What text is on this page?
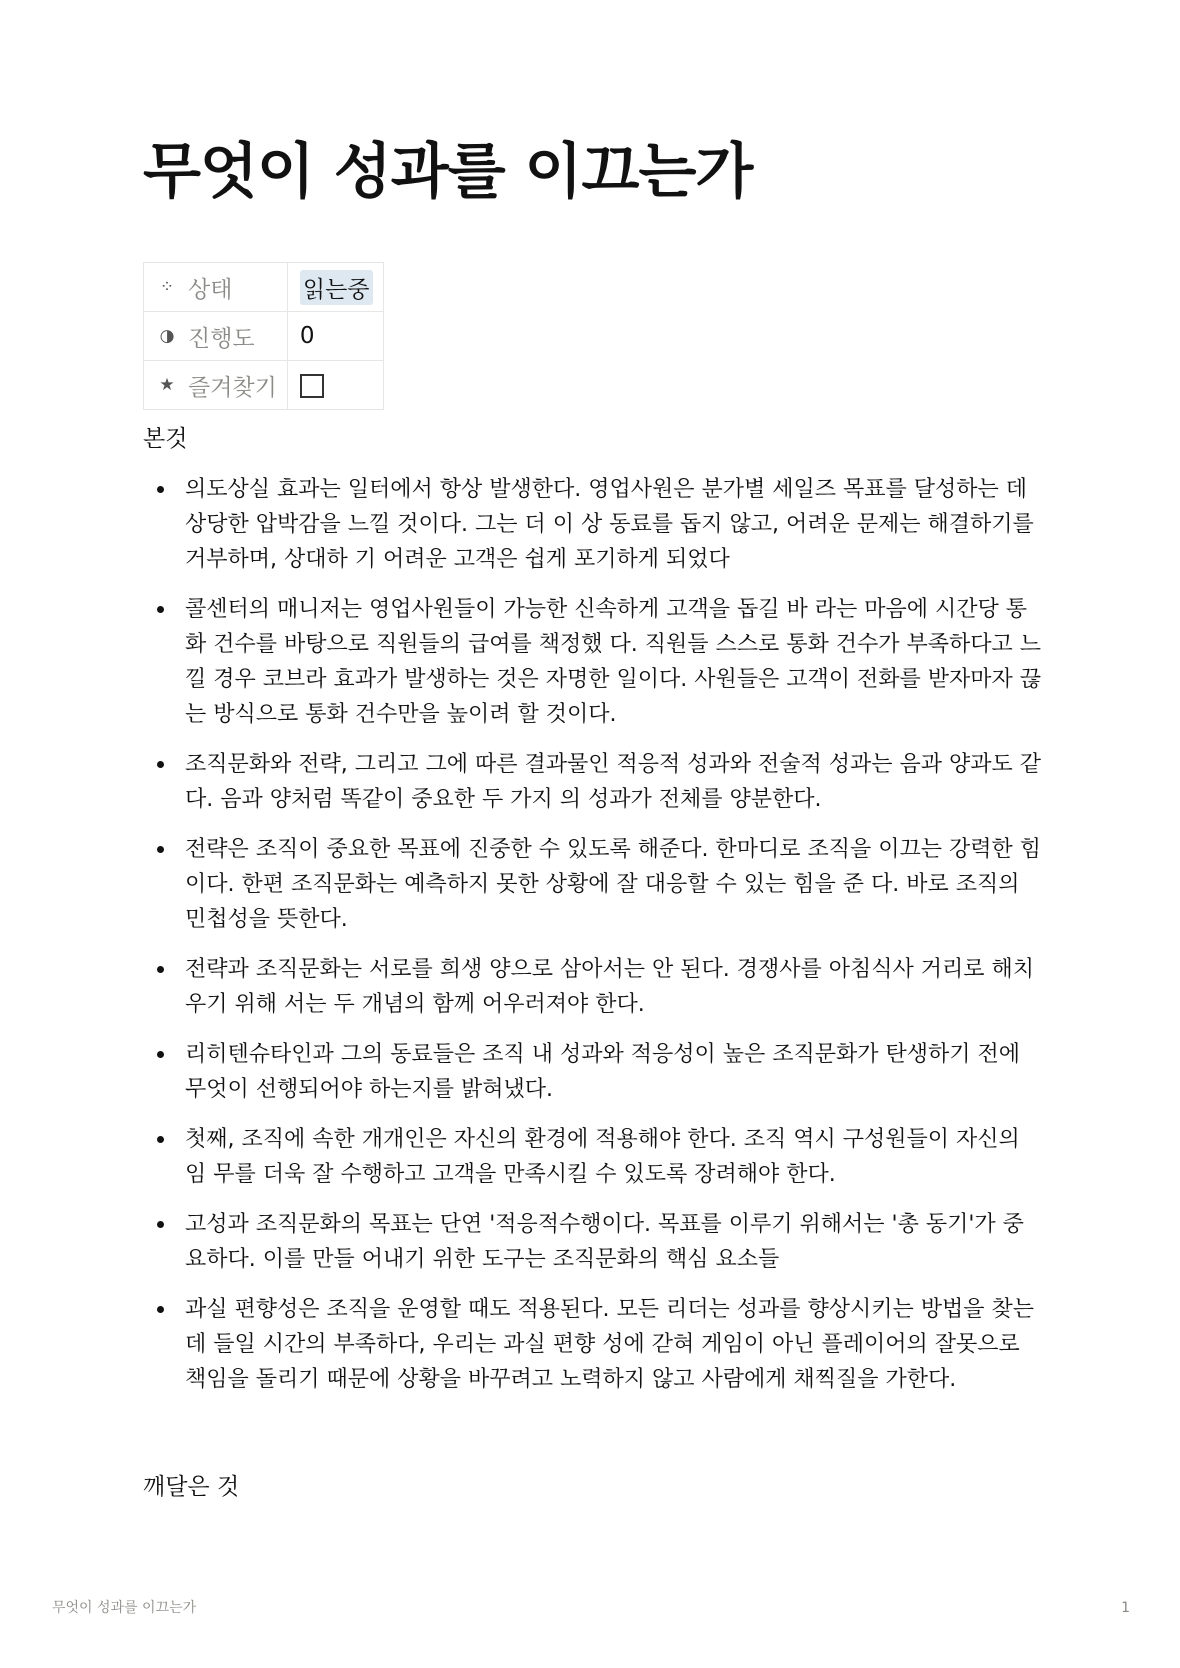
무엇이 성과를 이끄는가
⁘ 상태	읽는중
◑ 진행도	0
★ 즐겨찾기	
본것
의도상실 효과는 일터에서 항상 발생한다. 영업사원은 분가별 세일즈 목표를 달성하는 데 상당한 압박감을 느낄 것이다. 그는 더 이 상 동료를 돕지 않고, 어려운 문제는 해결하기를 거부하며, 상대하 기 어려운 고객은 쉽게 포기하게 되었다
콜센터의 매니저는 영업사원들이 가능한 신속하게 고객을 돕길 바 라는 마음에 시간당 통화 건수를 바탕으로 직원들의 급여를 책정했 다. 직원들 스스로 통화 건수가 부족하다고 느낄 경우 코브라 효과가 발생하는 것은 자명한 일이다. 사원들은 고객이 전화를 받자마자 끊 는 방식으로 통화 건수만을 높이려 할 것이다.
조직문화와 전략, 그리고 그에 따른 결과물인 적응적 성과와 전술적 성과는 음과 양과도 같다. 음과 양처럼 똑같이 중요한 두 가지 의 성과가 전체를 양분한다.
전략은 조직이 중요한 목표에 진중한 수 있도록 해준다. 한마디로 조직을 이끄는 강력한 힘이다. 한편 조직문화는 예측하지 못한 상황에 잘 대응할 수 있는 힘을 준 다. 바로 조직의 민첩성을 뜻한다.
전략과 조직문화는 서로를 희생 양으로 삼아서는 안 된다. 경쟁사를 아침식사 거리로 해치우기 위해 서는 두 개념의 함께 어우러져야 한다.
리히텐슈타인과 그의 동료들은 조직 내 성과와 적응성이 높은 조직문화가 탄생하기 전에 무엇이 선행되어야 하는지를 밝혀냈다.
첫째, 조직에 속한 개개인은 자신의 환경에 적용해야 한다. 조직 역시 구성원들이 자신의 임 무를 더욱 잘 수행하고 고객을 만족시킬 수 있도록 장려해야 한다.
고성과 조직문화의 목표는 단연 '적응적수행이다. 목표를 이루기 위해서는 '총 동기'가 중요하다. 이를 만들 어내기 위한 도구는 조직문화의 핵심 요소들
과실 편향성은 조직을 운영할 때도 적용된다. 모든 리더는 성과를 향상시키는 방법을 찾는 데 들일 시간의 부족하다, 우리는 과실 편향 성에 갇혀 게임이 아닌 플레이어의 잘못으로 책임을 돌리기 때문에 상황을 바꾸려고 노력하지 않고 사람에게 채찍질을 가한다.
깨달은 것
무엇이 성과를 이끄는가	1
